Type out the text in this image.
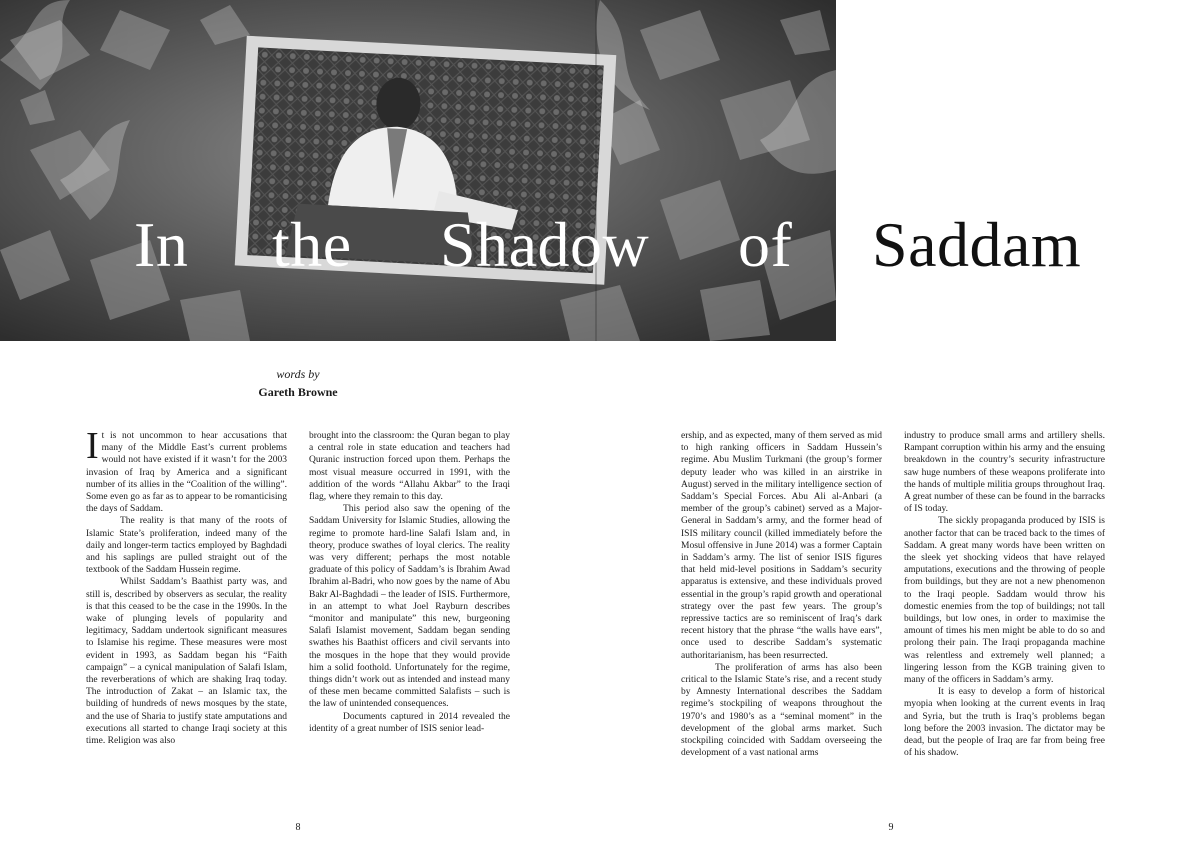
In the Shadow of Saddam
words by
Gareth Browne

It is not uncommon to hear accusations that many of the Middle East’s current problems would not have existed if it wasn’t for the 2003 invasion of Iraq by America and a significant number of its allies in the “Coalition of the willing”. Some even go as far as to appear to be romanticising the days of Saddam.

The reality is that many of the roots of Islamic State’s proliferation, indeed many of the daily and longer-term tactics employed by Baghdadi and his saplings are pulled straight out of the textbook of the Saddam Hussein regime.

Whilst Saddam’s Baathist party was, and still is, described by observers as secular, the reality is that this ceased to be the case in the 1990s. In the wake of plunging levels of popularity and legitimacy, Saddam undertook significant measures to Islamise his regime. These measures were most evident in 1993, as Saddam began his “Faith campaign” – a cynical manipulation of Salafi Islam, the reverberations of which are shaking Iraq today. The introduction of Zakat – an Islamic tax, the building of hundreds of news mosques by the state, and the use of Sharia to justify state amputations and executions all started to change Iraqi society at this time. Religion was also

brought into the classroom: the Quran began to play a central role in state education and teachers had Quranic instruction forced upon them. Perhaps the most visual measure occurred in 1991, with the addition of the words “Allahu Akbar” to the Iraqi flag, where they remain to this day.

This period also saw the opening of the Saddam University for Islamic Studies, allowing the regime to promote hard-line Salafi Islam and, in theory, produce swathes of loyal clerics. The reality was very different; perhaps the most notable graduate of this policy of Saddam’s is Ibrahim Awad Ibrahim al-Badri, who now goes by the name of Abu Bakr Al-Baghdadi – the leader of ISIS. Furthermore, in an attempt to what Joel Rayburn describes “monitor and manipulate” this new, burgeoning Salafi Islamist movement, Saddam began sending swathes his Baathist officers and civil servants into the mosques in the hope that they would provide him a solid foothold. Unfortunately for the regime, things didn’t work out as intended and instead many of these men became committed Salafists – such is the law of unintended consequences.

Documents captured in 2014 revealed the identity of a great number of ISIS senior lead-

ership, and as expected, many of them served as mid to high ranking officers in Saddam Hussein’s regime. Abu Muslim Turkmani (the group’s former deputy leader who was killed in an airstrike in August) served in the military intelligence section of Saddam’s Special Forces. Abu Ali al-Anbari (a member of the group’s cabinet) served as a Major-General in Saddam’s army, and the former head of ISIS military council (killed immediately before the Mosul offensive in June 2014) was a former Captain in Saddam’s army. The list of senior ISIS figures that held mid-level positions in Saddam’s security apparatus is extensive, and these individuals proved essential in the group’s rapid growth and operational strategy over the past few years. The group’s repressive tactics are so reminiscent of Iraq’s dark recent history that the phrase “the walls have ears”, once used to describe Saddam’s systematic authoritarianism, has been resurrected.

The proliferation of arms has also been critical to the Islamic State’s rise, and a recent study by Amnesty International describes the Saddam regime’s stockpiling of weapons throughout the 1970’s and 1980’s as a “seminal moment” in the development of the global arms market. Such stockpiling coincided with Saddam overseeing the development of a vast national arms

industry to produce small arms and artillery shells. Rampant corruption within his army and the ensuing breakdown in the country’s security infrastructure saw huge numbers of these weapons proliferate into the hands of multiple militia groups throughout Iraq. A great number of these can be found in the barracks of IS today.

The sickly propaganda produced by ISIS is another factor that can be traced back to the times of Saddam. A great many words have been written on the sleek yet shocking videos that have relayed amputations, executions and the throwing of people from buildings, but they are not a new phenomenon to the Iraqi people. Saddam would throw his domestic enemies from the top of buildings; not tall buildings, but low ones, in order to maximise the amount of times his men might be able to do so and prolong their pain. The Iraqi propaganda machine was relentless and extremely well planned; a lingering lesson from the KGB training given to many of the officers in Saddam’s army.

It is easy to develop a form of historical myopia when looking at the current events in Iraq and Syria, but the truth is Iraq’s problems began long before the 2003 invasion. The dictator may be dead, but the people of Iraq are far from being free of his shadow.

8	9
